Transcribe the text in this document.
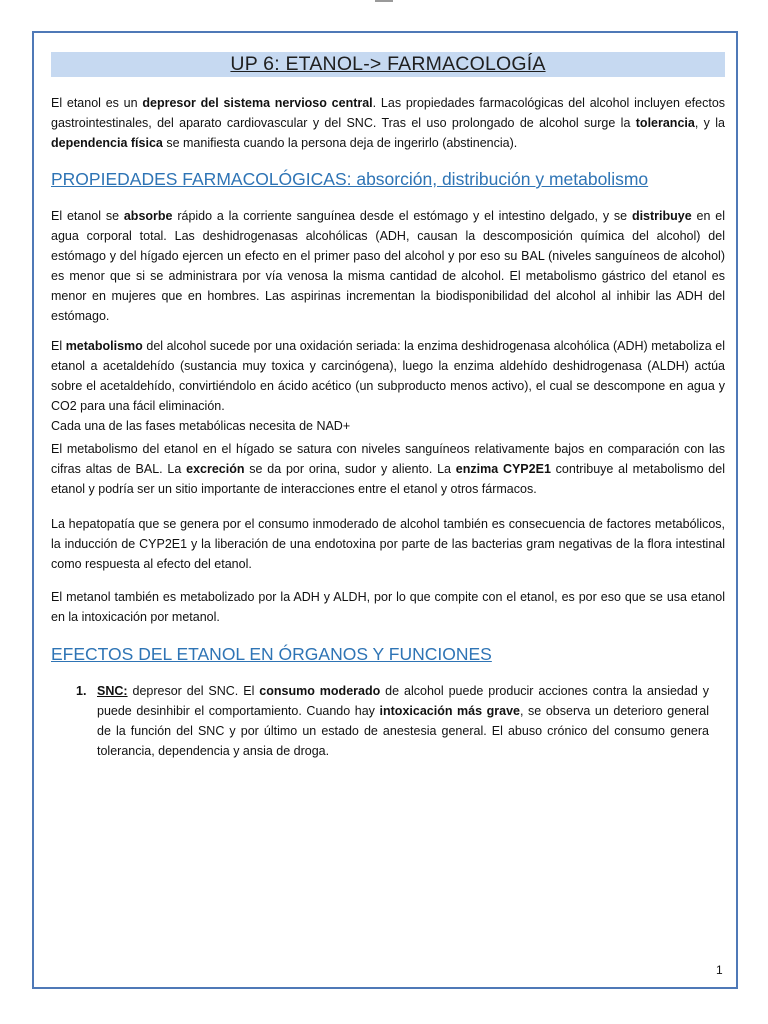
UP 6: ETANOL-> FARMACOLOGÍA

El etanol es un depresor del sistema nervioso central. Las propiedades farmacológicas del alcohol incluyen efectos gastrointestinales, del aparato cardiovascular y del SNC. Tras el uso prolongado de alcohol surge la tolerancia, y la dependencia física se manifiesta cuando la persona deja de ingerirlo (abstinencia).

PROPIEDADES FARMACOLÓGICAS: absorción, distribución y metabolismo

El etanol se absorbe rápido a la corriente sanguínea desde el estómago y el intestino delgado, y se distribuye en el agua corporal total. Las deshidrogenasas alcohólicas (ADH, causan la descomposición química del alcohol) del estómago y del hígado ejercen un efecto en el primer paso del alcohol y por eso su BAL (niveles sanguíneos de alcohol) es menor que si se administrara por vía venosa la misma cantidad de alcohol. El metabolismo gástrico del etanol es menor en mujeres que en hombres. Las aspirinas incrementan la biodisponibilidad del alcohol al inhibir las ADH del estómago.

El metabolismo del alcohol sucede por una oxidación seriada: la enzima deshidrogenasa alcohólica (ADH) metaboliza el etanol a acetaldehído (sustancia muy toxica y carcinógena), luego la enzima aldehído deshidrogenasa (ALDH) actúa sobre el acetaldehído, convirtiéndolo en ácido acético (un subproducto menos activo), el cual se descompone en agua y CO2 para una fácil eliminación.
Cada una de las fases metabólicas necesita de NAD+

El metabolismo del etanol en el hígado se satura con niveles sanguíneos relativamente bajos en comparación con las cifras altas de BAL. La excreción se da por orina, sudor y aliento. La enzima CYP2E1 contribuye al metabolismo del etanol y podría ser un sitio importante de interacciones entre el etanol y otros fármacos.

La hepatopatía que se genera por el consumo inmoderado de alcohol también es consecuencia de factores metabólicos, la inducción de CYP2E1 y la liberación de una endotoxina por parte de las bacterias gram negativas de la flora intestinal como respuesta al efecto del etanol.

El metanol también es metabolizado por la ADH y ALDH, por lo que compite con el etanol, es por eso que se usa etanol en la intoxicación por metanol.

EFECTOS DEL ETANOL EN ÓRGANOS Y FUNCIONES
1. SNC: depresor del SNC. El consumo moderado de alcohol puede producir acciones contra la ansiedad y puede desinhibir el comportamiento. Cuando hay intoxicación más grave, se observa un deterioro general de la función del SNC y por último un estado de anestesia general. El abuso crónico del consumo genera tolerancia, dependencia y ansia de droga.
1
